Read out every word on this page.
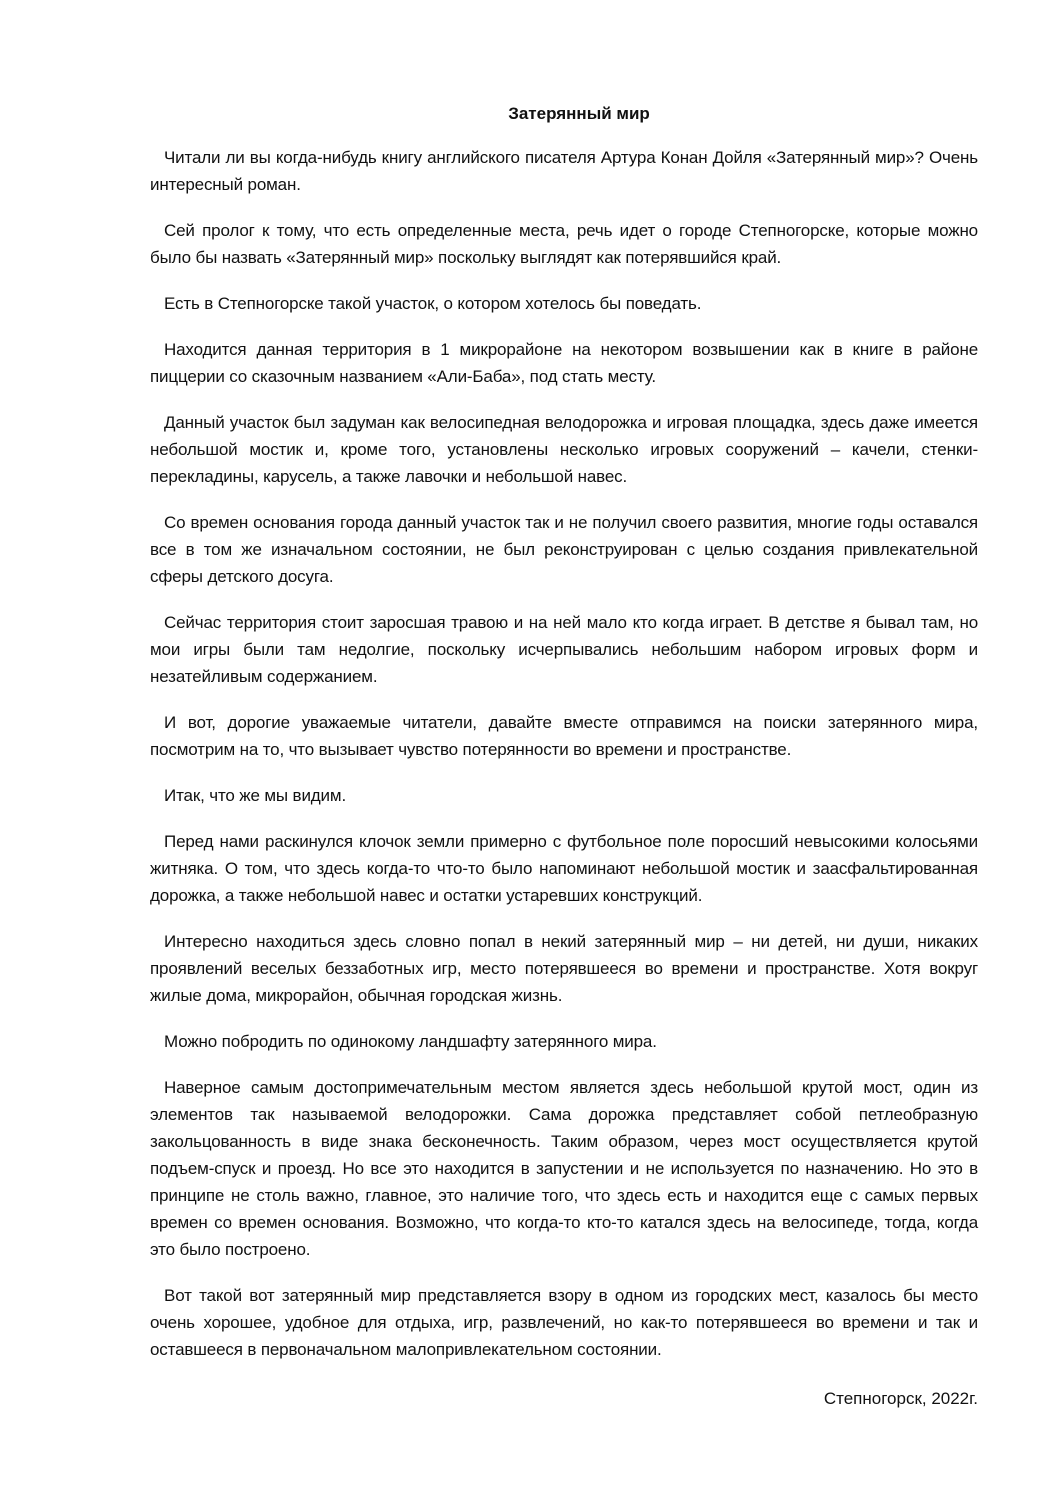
Затерянный мир

Читали ли вы когда-нибудь книгу английского писателя Артура Конан Дойля «Затерянный мир»? Очень интересный роман.

Сей пролог к тому, что есть определенные места, речь идет о городе Степногорске, которые можно было бы назвать «Затерянный мир» поскольку выглядят как потерявшийся край.

Есть в Степногорске такой участок, о котором хотелось бы поведать.

Находится данная территория в 1 микрорайоне на некотором возвышении как в книге в районе пиццерии со сказочным названием «Али-Баба», под стать месту.

Данный участок был задуман как велосипедная велодорожка и игровая площадка, здесь даже имеется небольшой мостик и, кроме того, установлены несколько игровых сооружений – качели, стенки-перекладины, карусель, а также лавочки и небольшой навес.

Со времен основания города данный участок так и не получил своего развития, многие годы оставался все в том же изначальном состоянии, не был реконструирован с целью создания привлекательной сферы детского досуга.

Сейчас территория стоит заросшая травою и на ней мало кто когда играет. В детстве я бывал там, но мои игры были там недолгие, поскольку исчерпывались небольшим набором игровых форм и незатейливым содержанием.

И вот, дорогие уважаемые читатели, давайте вместе отправимся на поиски затерянного мира, посмотрим на то, что вызывает чувство потерянности во времени и пространстве.

Итак, что же мы видим.

Перед нами раскинулся клочок земли примерно с футбольное поле поросший невысокими колосьями житняка. О том, что здесь когда-то что-то было напоминают небольшой мостик и заасфальтированная дорожка, а также небольшой навес и остатки устаревших конструкций.

Интересно находиться здесь словно попал в некий затерянный мир – ни детей, ни души, никаких проявлений веселых беззаботных игр, место потерявшееся во времени и пространстве. Хотя вокруг жилые дома, микрорайон, обычная городская жизнь.

Можно побродить по одинокому ландшафту затерянного мира.

Наверное самым достопримечательным местом является здесь небольшой крутой мост, один из элементов так называемой велодорожки. Сама дорожка представляет собой петлеобразную закольцованность в виде знака бесконечность. Таким образом, через мост осуществляется крутой подъем-спуск и проезд. Но все это находится в запустении и не используется по назначению. Но это в принципе не столь важно, главное, это наличие того, что здесь есть и находится еще с самых первых времен со времен основания. Возможно, что когда-то кто-то катался здесь на велосипеде, тогда, когда это было построено.

Вот такой вот затерянный мир представляется взору в одном из городских мест, казалось бы место очень хорошее, удобное для отдыха, игр, развлечений, но как-то потерявшееся во времени и так и оставшееся в первоначальном малопривлекательном состоянии.

Степногорск, 2022г.
